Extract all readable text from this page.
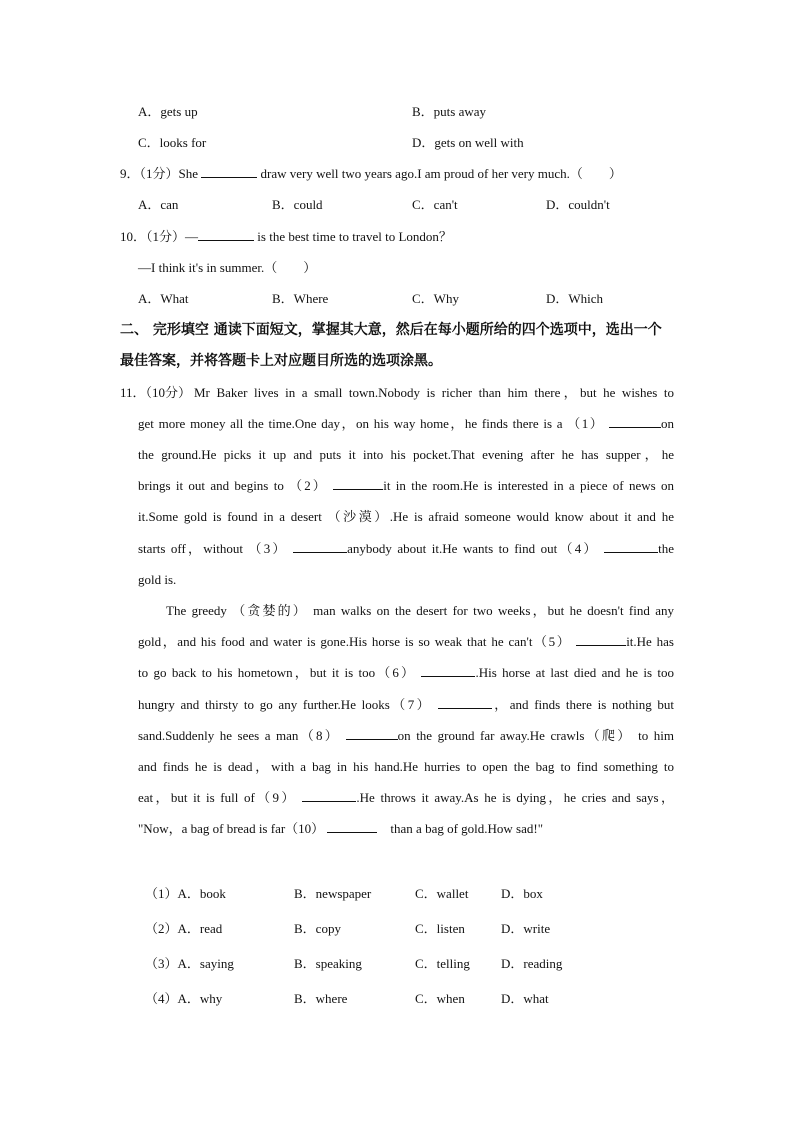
A．gets up	B．puts away
C．looks for	D．gets on well with
9．（1分）She	draw very well two years ago.I am proud of her very much.（　　）
A．can	B．could	C．can't	D．couldn't
10．（1分）—	is the best time to travel to London？
—I think it's in summer.（　　）
A．What	B．Where	C．Why	D．Which
二、 完形填空 通读下面短文，掌握其大意，然后在每小题所给的四个选项中，选出一个
最佳答案，并将答题卡上对应题目所选的选项涂黑。
11．（10分） Mr Baker lives in a small town.Nobody is richer than him there，but he wishes to
get more money all the time.One day，on his way home，he finds there is a （1）	on
the ground.He picks it up and puts it into his pocket.That evening after he has supper，he
brings it out and begins to （2）	it in the room.He is interested in a piece of news on
it.Some gold is found in a desert （沙漠）.He is afraid someone would know about it and he
starts off，without （3）	anybody about it.He wants to find out（4）	the
gold is.
The greedy （贪婪的） man walks on the desert for two weeks，but he doesn't find any
gold，and his food and water is gone.His horse is so weak that he can't（5）	it.He has
to go back to his hometown，but it is too（6）	.His horse at last died and he is too
hungry and thirsty to go any further.He looks（7）	，and finds there is nothing but
sand.Suddenly he sees a man（8）	on the ground far away.He crawls（爬） to him
and finds he is dead，with a bag in his hand.He hurries to open the bag to find something to
eat，but it is full of（9）	.He throws it away.As he is dying，he cries and says，
"Now，a bag of bread is far（10）	than a bag of gold.How sad!"
（1）A．book	B．newspaper	C．wallet	D．box
（2）A．read	B．copy	C．listen	D．write
（3）A．saying	B．speaking	C．telling D．reading
（4）A．why	B．where	C．when	D．what
